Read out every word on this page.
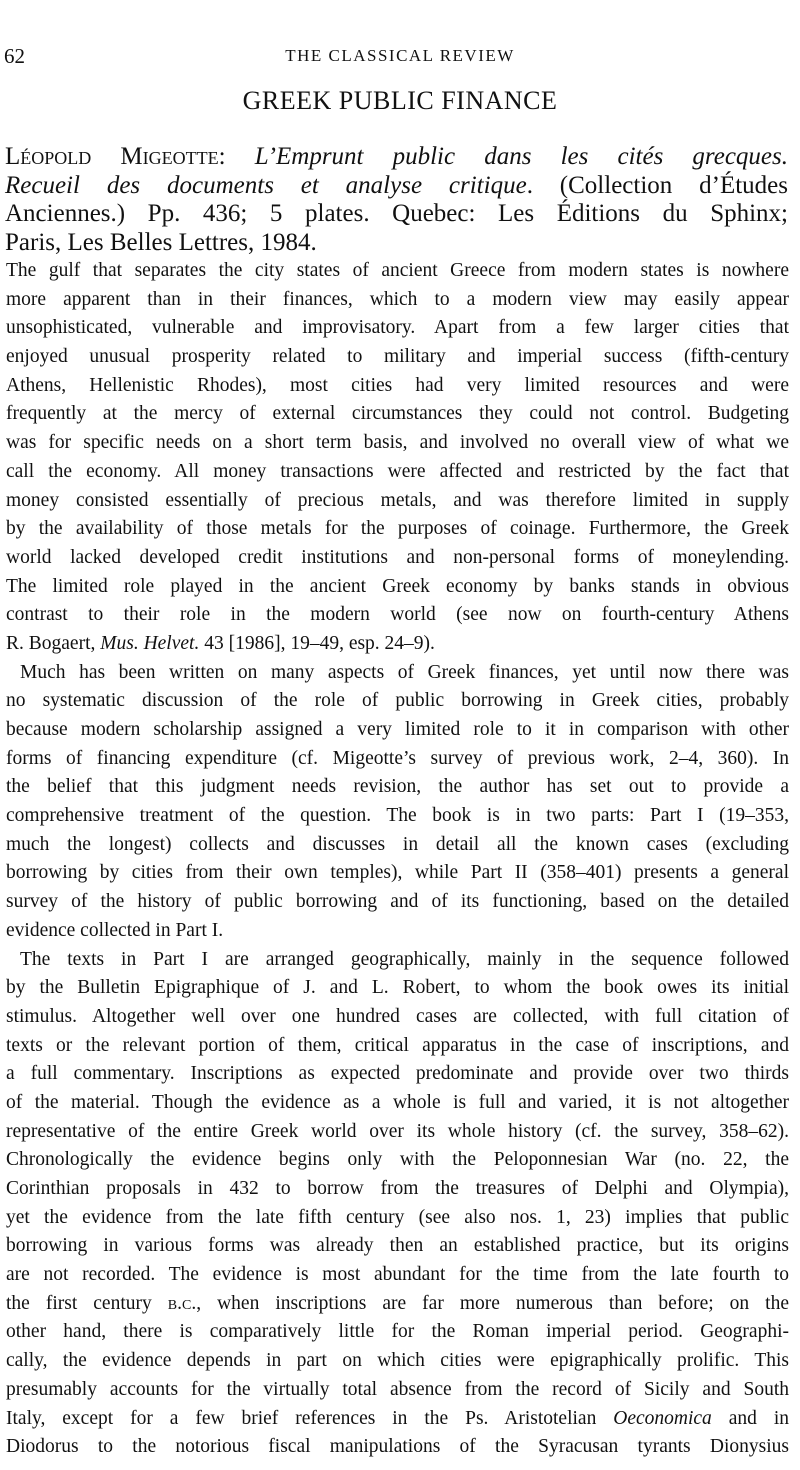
62	THE CLASSICAL REVIEW
GREEK PUBLIC FINANCE
Léopold Migeotte: L’Emprunt public dans les cités grecques.
Recueil des documents et analyse critique. (Collection d’Études
Anciennes.) Pp. 436; 5 plates. Quebec: Les Éditions du Sphinx;
Paris, Les Belles Lettres, 1984.
The gulf that separates the city states of ancient Greece from modern states is nowhere
more apparent than in their finances, which to a modern view may easily appear
unsophisticated, vulnerable and improvisatory. Apart from a few larger cities that
enjoyed unusual prosperity related to military and imperial success (fifth-century
Athens, Hellenistic Rhodes), most cities had very limited resources and were
frequently at the mercy of external circumstances they could not control. Budgeting
was for specific needs on a short term basis, and involved no overall view of what we
call the economy. All money transactions were affected and restricted by the fact that
money consisted essentially of precious metals, and was therefore limited in supply
by the availability of those metals for the purposes of coinage. Furthermore, the Greek
world lacked developed credit institutions and non-personal forms of moneylending.
The limited role played in the ancient Greek economy by banks stands in obvious
contrast to their role in the modern world (see now on fourth-century Athens
R. Bogaert, Mus. Helvet. 43 [1986], 19–49, esp. 24–9).
Much has been written on many aspects of Greek finances, yet until now there was
no systematic discussion of the role of public borrowing in Greek cities, probably
because modern scholarship assigned a very limited role to it in comparison with other
forms of financing expenditure (cf. Migeotte’s survey of previous work, 2–4, 360). In
the belief that this judgment needs revision, the author has set out to provide a
comprehensive treatment of the question. The book is in two parts: Part I (19–353,
much the longest) collects and discusses in detail all the known cases (excluding
borrowing by cities from their own temples), while Part II (358–401) presents a general
survey of the history of public borrowing and of its functioning, based on the detailed
evidence collected in Part I.
The texts in Part I are arranged geographically, mainly in the sequence followed
by the Bulletin Epigraphique of J. and L. Robert, to whom the book owes its initial
stimulus. Altogether well over one hundred cases are collected, with full citation of
texts or the relevant portion of them, critical apparatus in the case of inscriptions, and
a full commentary. Inscriptions as expected predominate and provide over two thirds
of the material. Though the evidence as a whole is full and varied, it is not altogether
representative of the entire Greek world over its whole history (cf. the survey, 358–62).
Chronologically the evidence begins only with the Peloponnesian War (no. 22, the
Corinthian proposals in 432 to borrow from the treasures of Delphi and Olympia),
yet the evidence from the late fifth century (see also nos. 1, 23) implies that public
borrowing in various forms was already then an established practice, but its origins
are not recorded. The evidence is most abundant for the time from the late fourth to
the first century b.c., when inscriptions are far more numerous than before; on the
other hand, there is comparatively little for the Roman imperial period. Geographi-
cally, the evidence depends in part on which cities were epigraphically prolific. This
presumably accounts for the virtually total absence from the record of Sicily and South
Italy, except for a few brief references in the Ps. Aristotelian Oeconomica and in
Diodorus to the notorious fiscal manipulations of the Syracusan tyrants Dionysius
